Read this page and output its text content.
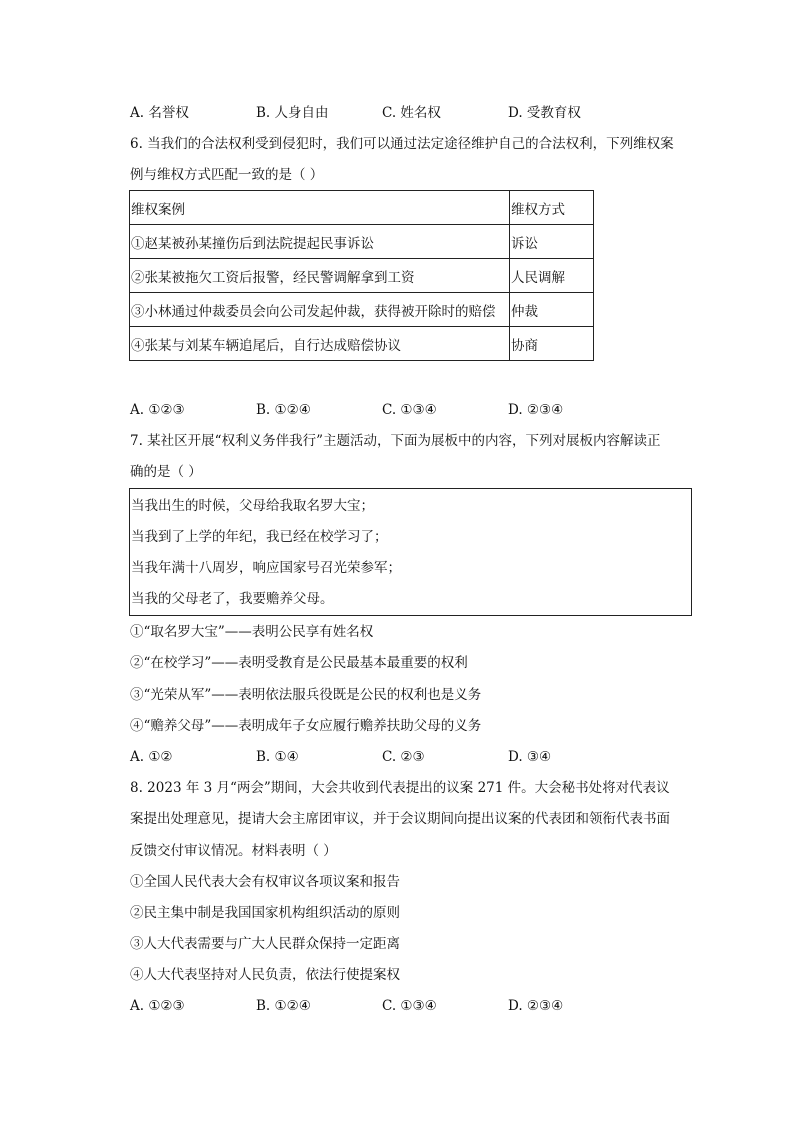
A. 名誉权	B. 人身自由	C. 姓名权	D. 受教育权
6. 当我们的合法权利受到侵犯时，我们可以通过法定途径维护自己的合法权利，下列维权案
例与维权方式匹配一致的是（ ）
维权案例	维权方式
①赵某被孙某撞伤后到法院提起民事诉讼	诉讼
②张某被拖欠工资后报警，经民警调解拿到工资	人民调解
③小林通过仲裁委员会向公司发起仲裁，获得被开除时的赔偿	仲裁
④张某与刘某车辆追尾后，自行达成赔偿协议	协商
A. ①②③	B. ①②④	C. ①③④	D. ②③④
7. 某社区开展“权利义务伴我行”主题活动，下面为展板中的内容，下列对展板内容解读正
确的是（ ）
当我出生的时候，父母给我取名罗大宝；
当我到了上学的年纪，我已经在校学习了；
当我年满十八周岁，响应国家号召光荣参军；
当我的父母老了，我要赡养父母。
①“取名罗大宝”——表明公民享有姓名权
②“在校学习”——表明受教育是公民最基本最重要的权利
③“光荣从军”——表明依法服兵役既是公民的权利也是义务
④“赡养父母”——表明成年子女应履行赡养扶助父母的义务
A. ①②	B. ①④	C. ②③	D. ③④
8. 2023 年 3 月“两会”期间，大会共收到代表提出的议案 271 件。大会秘书处将对代表议
案提出处理意见，提请大会主席团审议，并于会议期间向提出议案的代表团和领衔代表书面
反馈交付审议情况。材料表明（ ）
①全国人民代表大会有权审议各项议案和报告
②民主集中制是我国国家机构组织活动的原则
③人大代表需要与广大人民群众保持一定距离
④人大代表坚持对人民负责，依法行使提案权
A. ①②③	B. ①②④	C. ①③④	D. ②③④
